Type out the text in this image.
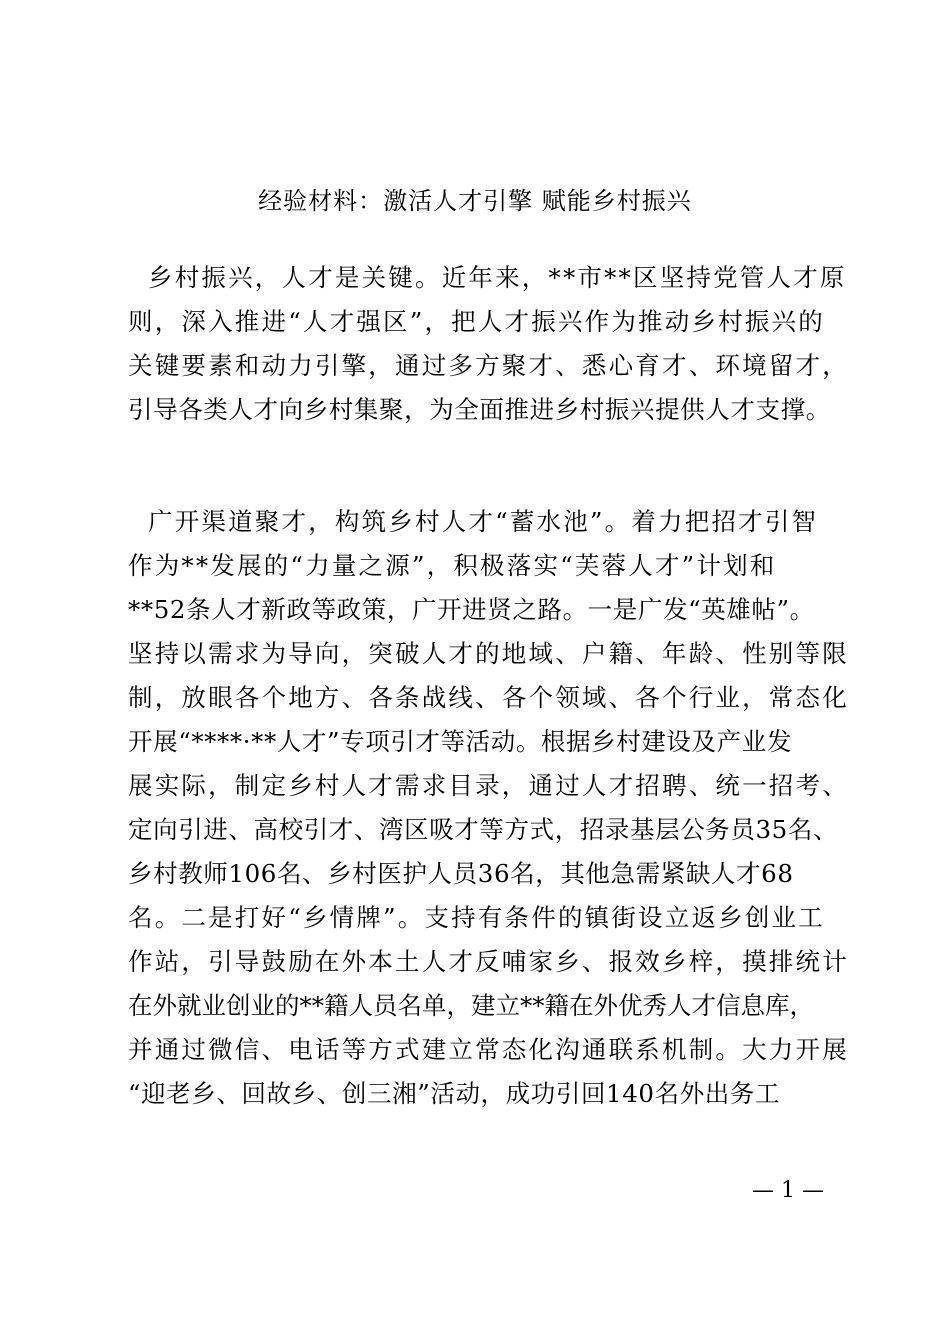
经验材料：激活人才引擎 赋能乡村振兴
乡村振兴，人才是关键。近年来，**市**区坚持党管人才原
则，深入推进“人才强区”，把人才振兴作为推动乡村振兴的
关键要素和动力引擎，通过多方聚才、悉心育才、环境留才，
引导各类人才向乡村集聚，为全面推进乡村振兴提供人才支撑。
广开渠道聚才，构筑乡村人才“蓄水池”。着力把招才引智
作为**发展的“力量之源”，积极落实“芙蓉人才”计划和
**52条人才新政等政策，广开进贤之路。一是广发“英雄帖”。
坚持以需求为导向，突破人才的地域、户籍、年龄、性别等限
制，放眼各个地方、各条战线、各个领域、各个行业，常态化
开展“****·**人才”专项引才等活动。根据乡村建设及产业发
展实际，制定乡村人才需求目录，通过人才招聘、统一招考、
定向引进、高校引才、湾区吸才等方式，招录基层公务员35名、
乡村教师106名、乡村医护人员36名，其他急需紧缺人才68
名。二是打好“乡情牌”。支持有条件的镇街设立返乡创业工
作站，引导鼓励在外本土人才反哺家乡、报效乡梓，摸排统计
在外就业创业的**籍人员名单，建立**籍在外优秀人才信息库，
并通过微信、电话等方式建立常态化沟通联系机制。大力开展
“迎老乡、回故乡、创三湘”活动，成功引回140名外出务工
— 1 —
